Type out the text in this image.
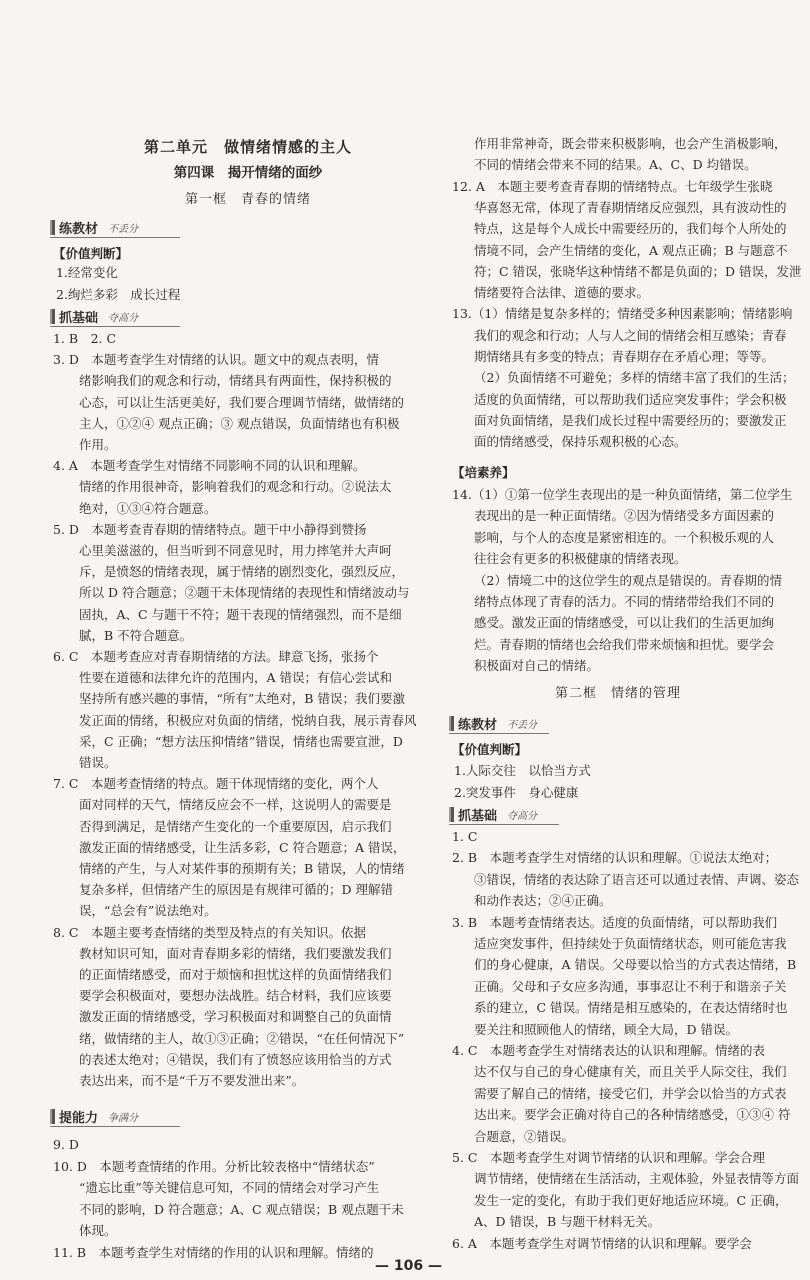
第二单元　做情绪情感的主人
第四课　揭开情绪的面纱
第一框　青春的情绪
练教材 不丢分
【价值判断】
1.经常变化
2.绚烂多彩　成长过程
抓基础 夺高分
1. B　2. C
3. D　本题考查学生对情绪的认识。题文中的观点表明，情
绪影响我们的观念和行动，情绪具有两面性，保持积极的
心态，可以让生活更美好，我们要合理调节情绪，做情绪的
主人，①②④ 观点正确；③ 观点错误，负面情绪也有积极
作用。
4. A　本题考查学生对情绪不同影响不同的认识和理解。
情绪的作用很神奇，影响着我们的观念和行动。②说法太
绝对，①③④符合题意。
5. D　本题考查青春期的情绪特点。题干中小静得到赞扬
心里美滋滋的，但当听到不同意见时，用力摔笔并大声呵
斥，是愤怒的情绪表现，属于情绪的剧烈变化，强烈反应，
所以 D 符合题意；②题干未体现情绪的表现性和情绪波动与
固执，A、C 与题干不符；题干表现的情绪强烈，而不是细
腻，B 不符合题意。
6. C　本题考查应对青春期情绪的方法。肆意飞扬，张扬个
性要在道德和法律允许的范围内，A 错误；有信心尝试和
坚持所有感兴趣的事情，“所有”太绝对，B 错误；我们要激
发正面的情绪，积极应对负面的情绪，悦纳自我，展示青春风
采，C 正确；“想方法压抑情绪”错误，情绪也需要宣泄，D
错误。
7. C　本题考查情绪的特点。题干体现情绪的变化，两个人
面对同样的天气，情绪反应会不一样，这说明人的需要是
否得到满足，是情绪产生变化的一个重要原因，启示我们
激发正面的情绪感受，让生活多彩，C 符合题意；A 错误，
情绪的产生，与人对某件事的预期有关；B 错误，人的情绪
复杂多样，但情绪产生的原因是有规律可循的；D 理解错
误，“总会有”说法绝对。
8. C　本题主要考查情绪的类型及特点的有关知识。依据
教材知识可知，面对青春期多彩的情绪，我们要激发我们
的正面情绪感受，而对于烦恼和担忧这样的负面情绪我们
要学会积极面对，要想办法战胜。结合材料，我们应该要
激发正面的情绪感受，学习积极面对和调整自己的负面情
绪，做情绪的主人，故①③正确；②错误，“在任何情况下”
的表述太绝对；④错误，我们有了愤怒应该用恰当的方式
表达出来，而不是“千万不要发泄出来”。
提能力 争满分
9. D
10. D　本题考查情绪的作用。分析比较表格中“情绪状态”
“遗忘比重”等关键信息可知，不同的情绪会对学习产生
不同的影响，D 符合题意；A、C 观点错误；B 观点题干未
体现。
11. B　本题考查学生对情绪的作用的认识和理解。情绪的
作用非常神奇，既会带来积极影响，也会产生消极影响，
不同的情绪会带来不同的结果。A、C、D 均错误。
12. A　本题主要考查青春期的情绪特点。七年级学生张晓
华喜怒无常，体现了青春期情绪反应强烈，具有波动性的
特点，这是每个人成长中需要经历的，我们每个人所处的
情境不同，会产生情绪的变化，A 观点正确；B 与题意不
符；C 错误，张晓华这种情绪不都是负面的；D 错误，发泄
情绪要符合法律、道德的要求。
13.（1）情绪是复杂多样的；情绪受多种因素影响；情绪影响
我们的观念和行动；人与人之间的情绪会相互感染；青春
期情绪具有多变的特点；青春期存在矛盾心理；等等。
（2）负面情绪不可避免；多样的情绪丰富了我们的生活；
适度的负面情绪，可以帮助我们适应突发事件；学会积极
面对负面情绪，是我们成长过程中需要经历的；要激发正
面的情绪感受，保持乐观积极的心态。
【培素养】
14.（1）①第一位学生表现出的是一种负面情绪，第二位学生
表现出的是一种正面情绪。②因为情绪受多方面因素的
影响，与个人的态度是紧密相连的。一个积极乐观的人
往往会有更多的积极健康的情绪表现。
（2）情境二中的这位学生的观点是错误的。青春期的情
绪特点体现了青春的活力。不同的情绪带给我们不同的
感受。激发正面的情绪感受，可以让我们的生活更加绚
烂。青春期的情绪也会给我们带来烦恼和担忧。要学会
积极面对自己的情绪。
第二框　情绪的管理
练教材 不丢分
【价值判断】
1.人际交往　以恰当方式
2.突发事件　身心健康
抓基础 夺高分
1. C
2. B　本题考查学生对情绪的认识和理解。①说法太绝对；
③错误，情绪的表达除了语言还可以通过表情、声调、姿态
和动作表达；②④正确。
3. B　本题考查情绪表达。适度的负面情绪，可以帮助我们
适应突发事件，但持续处于负面情绪状态，则可能危害我
们的身心健康，A 错误。父母要以恰当的方式表达情绪，B
正确。父母和子女应多沟通，事事忍让不利于和谐亲子关
系的建立，C 错误。情绪是相互感染的，在表达情绪时也
要关注和照顾他人的情绪，顾全大局，D 错误。
4. C　本题考查学生对情绪表达的认识和理解。情绪的表
达不仅与自己的身心健康有关，而且关乎人际交往，我们
需要了解自己的情绪，接受它们，并学会以恰当的方式表
达出来。要学会正确对待自己的各种情绪感受，①③④ 符
合题意，②错误。
5. C　本题考查学生对调节情绪的认识和理解。学会合理
调节情绪，使情绪在生活活动，主观体验，外显表情等方面
发生一定的变化，有助于我们更好地适应环境。C 正确，
A、D 错误，B 与题干材料无关。
6. A　本题考查学生对调节情绪的认识和理解。要学会
— 106 —
